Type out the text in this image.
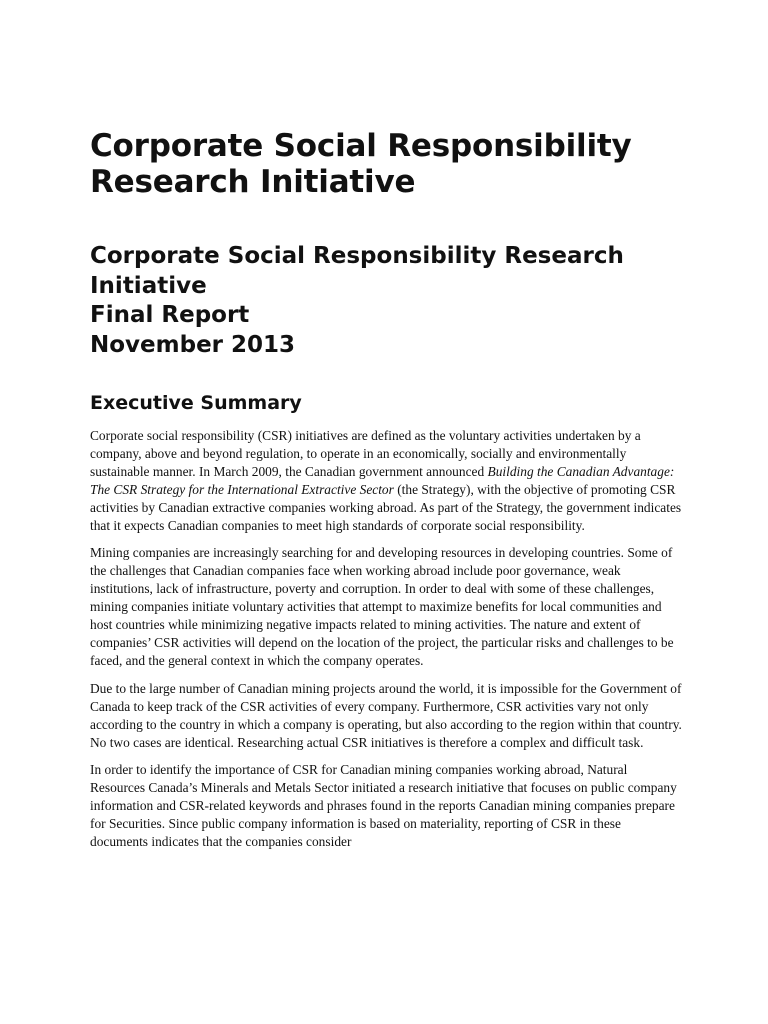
Corporate Social Responsibility
Research Initiative
Corporate Social Responsibility Research
Initiative
Final Report
November 2013
Executive Summary

Corporate social responsibility (CSR) initiatives are defined as the voluntary activities undertaken by a company, above and beyond regulation, to operate in an economically, socially and environmentally sustainable manner. In March 2009, the Canadian government announced Building the Canadian Advantage: The CSR Strategy for the International Extractive Sector (the Strategy), with the objective of promoting CSR activities by Canadian extractive companies working abroad. As part of the Strategy, the government indicates that it expects Canadian companies to meet high standards of corporate social responsibility.

Mining companies are increasingly searching for and developing resources in developing countries. Some of the challenges that Canadian companies face when working abroad include poor governance, weak institutions, lack of infrastructure, poverty and corruption. In order to deal with some of these challenges, mining companies initiate voluntary activities that attempt to maximize benefits for local communities and host countries while minimizing negative impacts related to mining activities. The nature and extent of companies’ CSR activities will depend on the location of the project, the particular risks and challenges to be faced, and the general context in which the company operates.

Due to the large number of Canadian mining projects around the world, it is impossible for the Government of Canada to keep track of the CSR activities of every company. Furthermore, CSR activities vary not only according to the country in which a company is operating, but also according to the region within that country. No two cases are identical. Researching actual CSR initiatives is therefore a complex and difficult task.

In order to identify the importance of CSR for Canadian mining companies working abroad, Natural Resources Canada’s Minerals and Metals Sector initiated a research initiative that focuses on public company information and CSR-related keywords and phrases found in the reports Canadian mining companies prepare for Securities. Since public company information is based on materiality, reporting of CSR in these documents indicates that the companies consider
